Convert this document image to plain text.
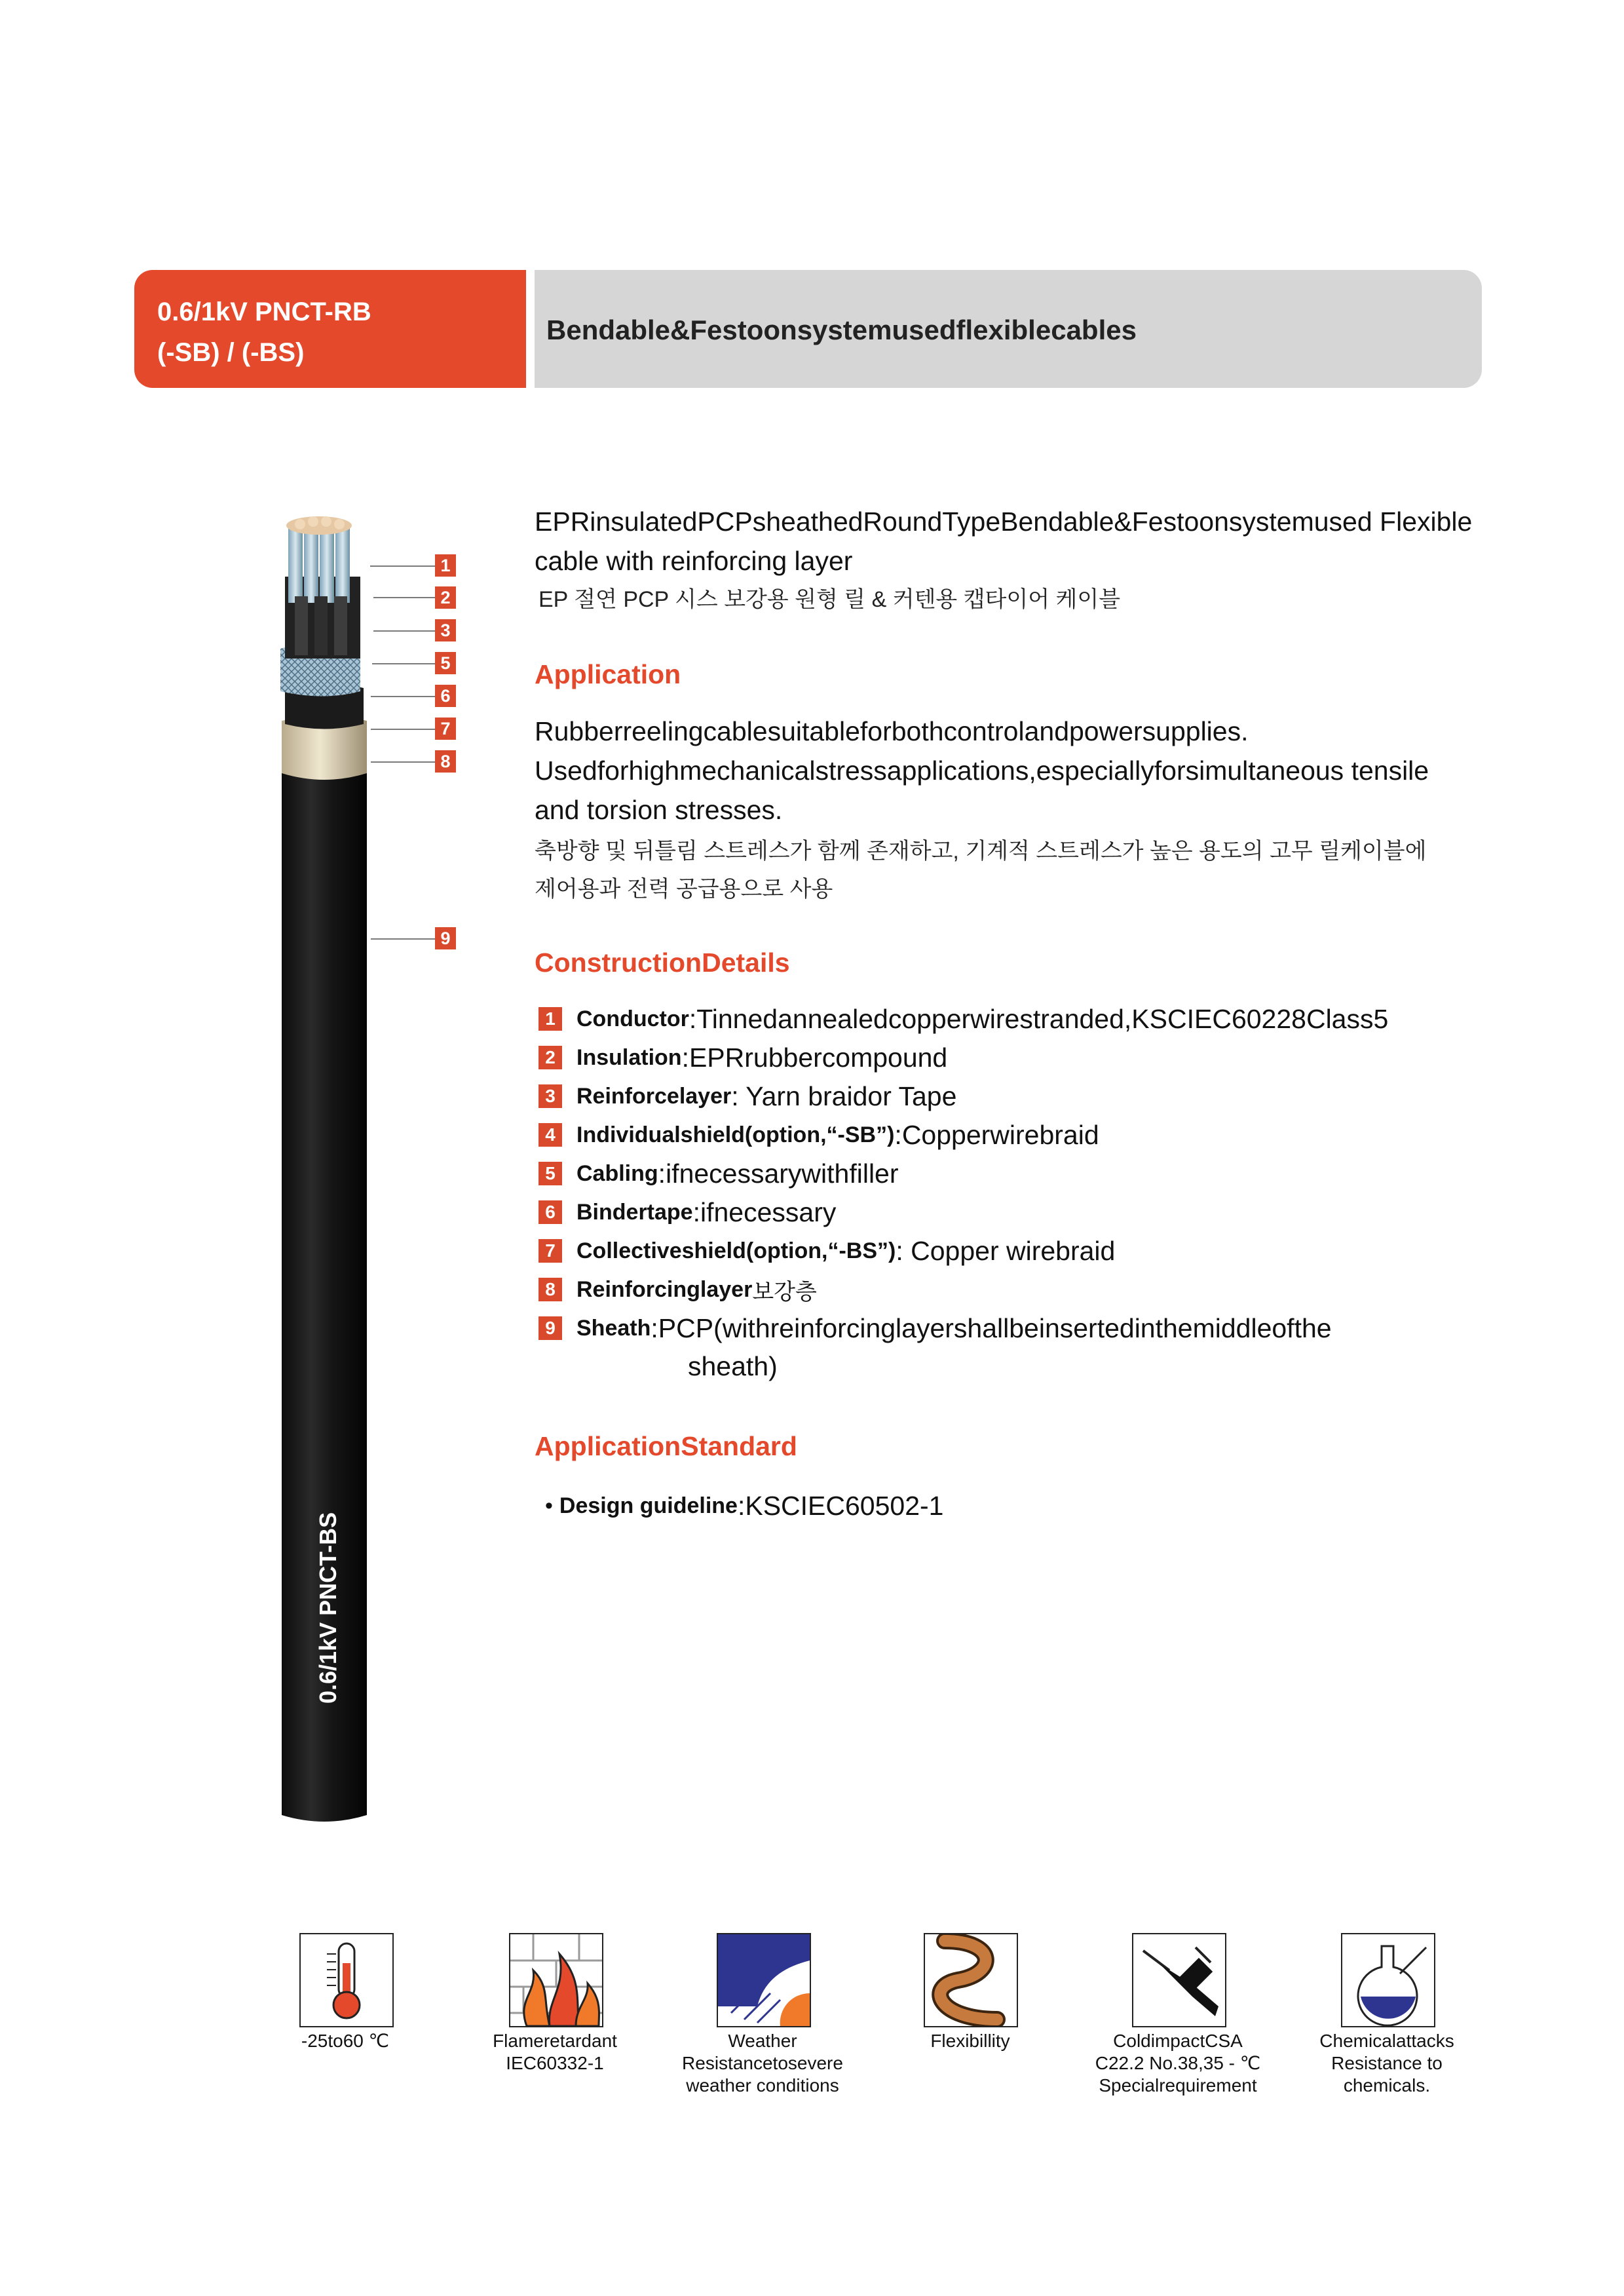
0.6/1kV PNCT-RB
(-SB) / (-BS)
Bendable&Festoonsystemusedflexiblecables
0.6/1kV PNCT-BS
1
2
3
5
6
7
8
9
EPRinsulatedPCPsheathedRoundTypeBendable&Festoonsystemused Flexible
cable with reinforcing layer
EP 절연 PCP 시스 보강용 원형 릴 & 커텐용 캡타이어 케이블
Application
Rubberreelingcablesuitableforbothcontrolandpowersupplies.
Usedforhighmechanicalstressapplications,especiallyforsimultaneous tensile
and torsion stresses.
축방향 및 뒤틀림 스트레스가 함께 존재하고, 기계적 스트레스가 높은 용도의 고무 릴케이블에
제어용과 전력 공급용으로 사용
ConstructionDetails
1 Conductor :Tinnedannealedcopperwirestranded,KSCIEC60228Class5
2 Insulation :EPRrubbercompound
3 Reinforcelayer : Yarn braidor Tape
4 Individualshield(option,“-SB”) :Copperwirebraid
5 Cabling :ifnecessarywithfiller
6 Bindertape :ifnecessary
7 Collectiveshield(option,“-BS”) : Copper wirebraid
8 Reinforcinglayer 보강층
9 Sheath :PCP(withreinforcinglayershallbeinsertedinthemiddleofthe
sheath)
ApplicationStandard
• Design guideline :KSCIEC60502-1
-25to60 ℃	Flameretardant
IEC60332-1
Weather
Resistancetosevere
weather conditions
Flexibillity	ColdimpactCSA
C22.2 No.38,35 - ℃
Specialrequirement
Chemicalattacks
Resistance to
chemicals.
